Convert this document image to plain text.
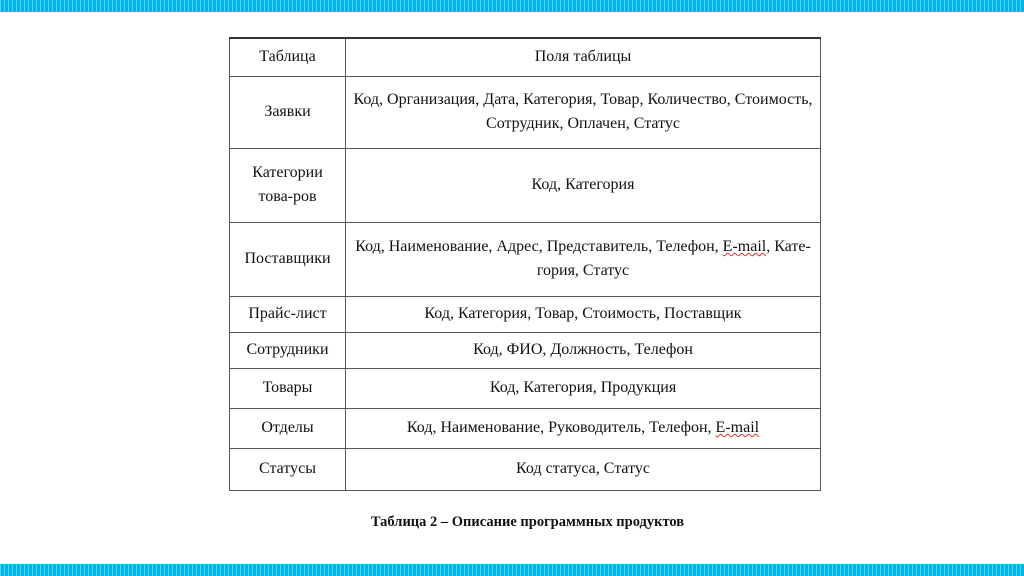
Таблица	Поля таблицы
Заявки	Код, Организация, Дата, Категория, Товар, Количество, Стоимость, Сотрудник, Оплачен, Статус
Категории това-ров	Код, Категория
Поставщики	Код, Наименование, Адрес, Представитель, Телефон, E-mail, Кате-гория, Статус
Прайс-лист	Код, Категория, Товар, Стоимость, Поставщик
Сотрудники	Код, ФИО, Должность, Телефон
Товары	Код, Категория, Продукция
Отделы	Код, Наименование, Руководитель, Телефон, E-mail
Статусы	Код статуса, Статус
Таблица 2 – Описание программных продуктов
